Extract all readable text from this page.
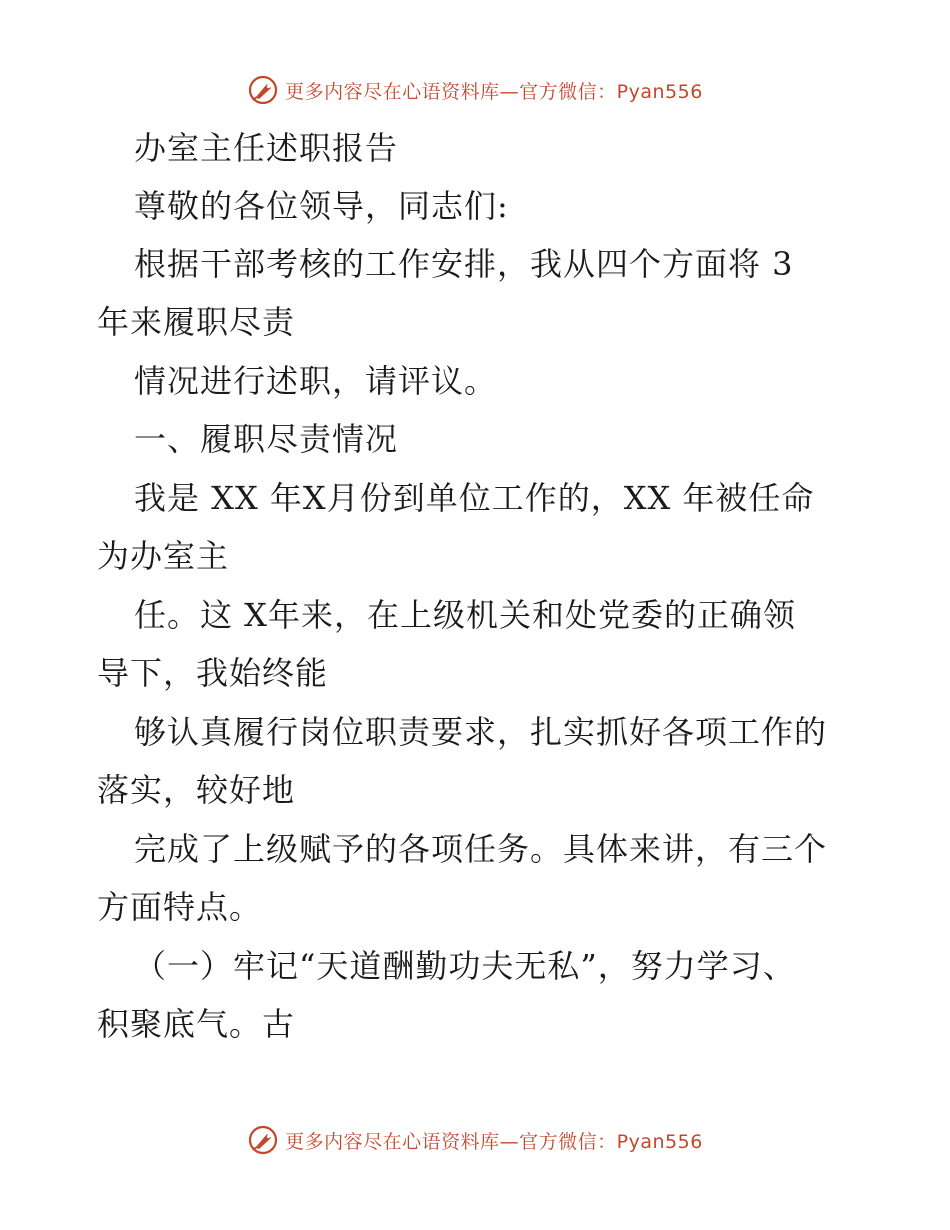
更多内容尽在心语资料库—官方微信：Pyan556
办室主任述职报告
尊敬的各位领导，同志们:
根据干部考核的工作安排，我从四个方面将 3
年来履职尽责
情况进行述职，请评议。
一、履职尽责情况
我是 XX 年X月份到单位工作的，XX 年被任命
为办室主
任。这 X年来，在上级机关和处党委的正确领
导下，我始终能
够认真履行岗位职责要求，扎实抓好各项工作的
落实，较好地
完成了上级赋予的各项任务。具体来讲，有三个
方面特点。
（一）牢记“天道酬勤功夫无私”，努力学习、
积聚底气。古
更多内容尽在心语资料库—官方微信：Pyan556
